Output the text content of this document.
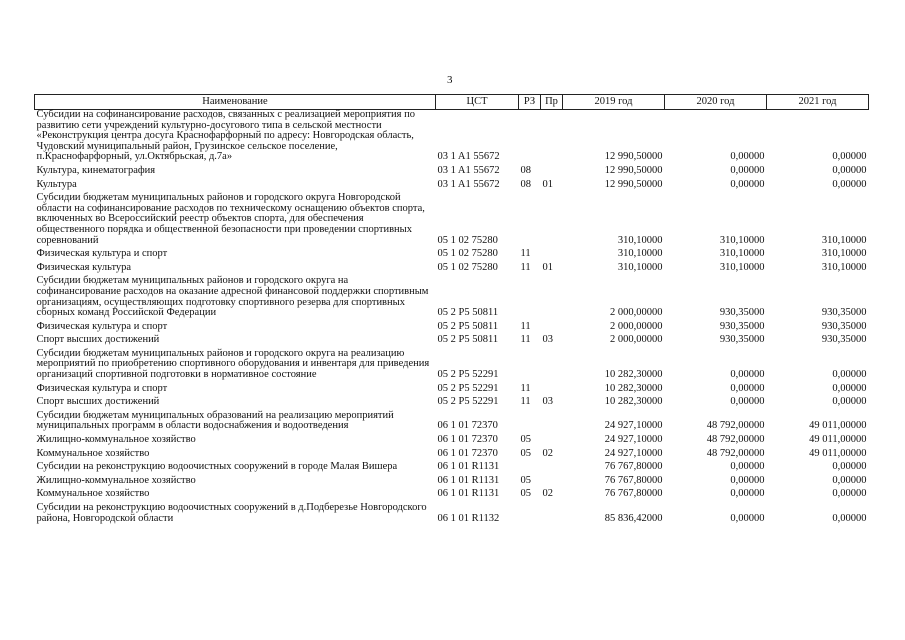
3
Наименование	ЦСТ	РЗ	Пр	2019 год	2020 год	2021 год
Субсидии на софинансирование расходов, связанных с реализацией мероприятия по развитию сети учреждений культурно-досугового типа в сельской местности «Реконструкция центра досуга Краснофарфорный по адресу: Новгородская область, Чудовский муниципальный район, Грузинское сельское поселение, п.Краснофарфорный, ул.Октябрьская, д.7а»	03 1 A1 55672			12 990,50000	0,00000	0,00000
Культура, кинематография	03 1 A1 55672	08		12 990,50000	0,00000	0,00000
Культура	03 1 A1 55672	08	01	12 990,50000	0,00000	0,00000
Субсидии бюджетам муниципальных районов и городского округа Новгородской области на софинансирование расходов по техническому оснащению объектов спорта, включенных во Всероссийский реестр объектов спорта, для обеспечения общественного порядка и общественной безопасности при проведении спортивных соревнований	05 1 02 75280			310,10000	310,10000	310,10000
Физическая культура и спорт	05 1 02 75280	11		310,10000	310,10000	310,10000
Физическая культура	05 1 02 75280	11	01	310,10000	310,10000	310,10000
Субсидии бюджетам муниципальных районов и городского округа на софинансирование расходов на оказание адресной финансовой поддержки спортивным организациям, осуществляющих подготовку спортивного резерва для спортивных сборных команд Российской Федерации	05 2 P5 50811			2 000,00000	930,35000	930,35000
Физическая культура и спорт	05 2 P5 50811	11		2 000,00000	930,35000	930,35000
Спорт высших достижений	05 2 P5 50811	11	03	2 000,00000	930,35000	930,35000
Субсидии бюджетам муниципальных районов и городского округа на реализацию мероприятий по приобретению спортивного оборудования и инвентаря для приведения организаций спортивной подготовки в нормативное состояние	05 2 P5 52291			10 282,30000	0,00000	0,00000
Физическая культура и спорт	05 2 P5 52291	11		10 282,30000	0,00000	0,00000
Спорт высших достижений	05 2 P5 52291	11	03	10 282,30000	0,00000	0,00000
Субсидии бюджетам муниципальных образований на реализацию мероприятий муниципальных программ в области водоснабжения и водоотведения	06 1 01 72370			24 927,10000	48 792,00000	49 011,00000
Жилищно-коммунальное хозяйство	06 1 01 72370	05		24 927,10000	48 792,00000	49 011,00000
Коммунальное хозяйство	06 1 01 72370	05	02	24 927,10000	48 792,00000	49 011,00000
Субсидии на реконструкцию водоочистных сооружений в городе Малая Вишера	06 1 01 R1131			76 767,80000	0,00000	0,00000
Жилищно-коммунальное хозяйство	06 1 01 R1131	05		76 767,80000	0,00000	0,00000
Коммунальное хозяйство	06 1 01 R1131	05	02	76 767,80000	0,00000	0,00000
Субсидии на реконструкцию водоочистных сооружений в д.Подберезье Новгородского района, Новгородской области	06 1 01 R1132			85 836,42000	0,00000	0,00000
